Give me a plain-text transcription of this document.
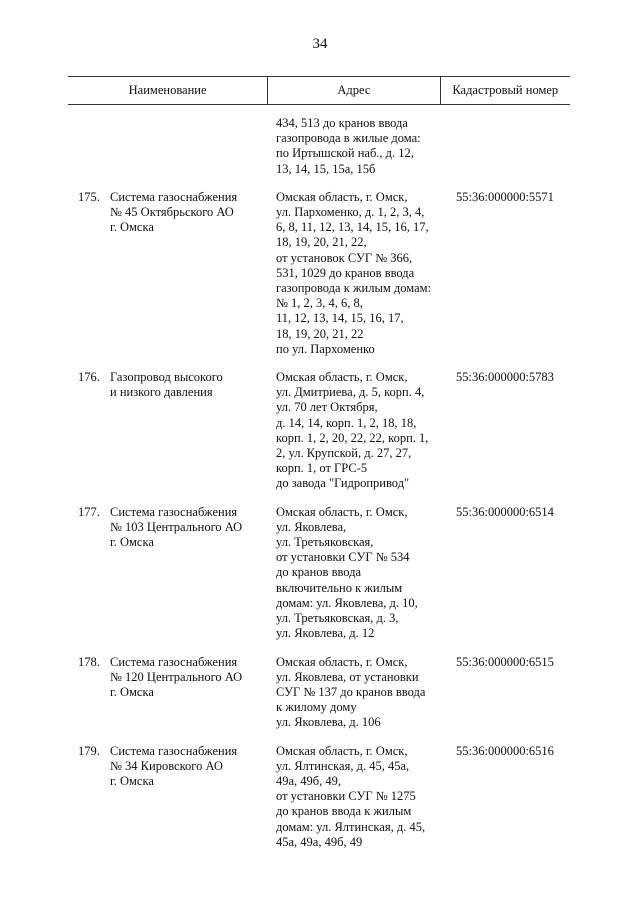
34
Наименование	Адрес	Кадастровый номер
434, 513 до кранов ввода
газопровода в жилые дома:
по Иртышской наб., д. 12,
13, 14, 15, 15а, 15б
175. Система газоснабжения
№ 45 Октябрьского АО
г. Омска
Омская область, г. Омск,
ул. Пархоменко, д. 1, 2, 3, 4,
6, 8, 11, 12, 13, 14, 15, 16, 17,
18, 19, 20, 21, 22,
от установок СУГ № 366,
531, 1029 до кранов ввода
газопровода к жилым домам:
№ 1, 2, 3, 4, 6, 8,
11, 12, 13, 14, 15, 16, 17,
18, 19, 20, 21, 22
по ул. Пархоменко
55:36:000000:5571
176. Газопровод высокого
и низкого давления
Омская область, г. Омск,
ул. Дмитриева, д. 5, корп. 4,
ул. 70 лет Октября,
д. 14, 14, корп. 1, 2, 18, 18,
корп. 1, 2, 20, 22, 22, корп. 1,
2, ул. Крупской, д. 27, 27,
корп. 1, от ГРС-5
до завода "Гидропривод"
55:36:000000:5783
177. Система газоснабжения
№ 103 Центрального АО
г. Омска
Омская область, г. Омск,
ул. Яковлева,
ул. Третьяковская,
от установки СУГ № 534
до кранов ввода
включительно к жилым
домам: ул. Яковлева, д. 10,
ул. Третьяковская, д. 3,
ул. Яковлева, д. 12
55:36:000000:6514
178. Система газоснабжения
№ 120 Центрального АО
г. Омска
Омская область, г. Омск,
ул. Яковлева, от установки
СУГ № 137 до кранов ввода
к жилому дому
ул. Яковлева, д. 106
55:36:000000:6515
179. Система газоснабжения
№ 34 Кировского АО
г. Омска
Омская область, г. Омск,
ул. Ялтинская, д. 45, 45а,
49а, 49б, 49,
от установки СУГ № 1275
до кранов ввода к жилым
домам: ул. Ялтинская, д. 45,
45а, 49а, 49б, 49
55:36:000000:6516
